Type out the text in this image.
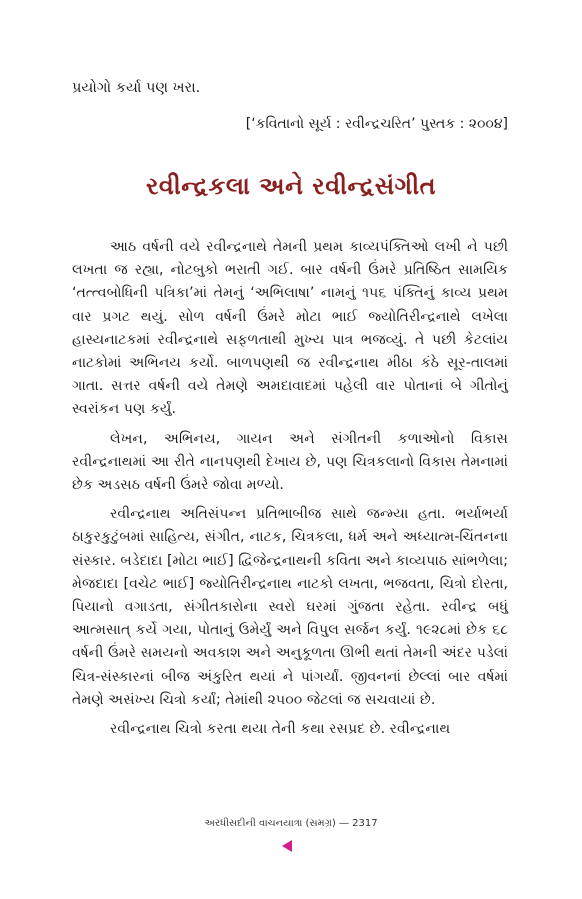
પ્રયોગો કર્યા પણ ખરા.
[‘કવિતાનો સૂર્ય : રવીન્દ્રચરિત’ પુસ્તક : ૨૦૦૪]
રવીન્દ્રકલા અને રવીન્દ્રસંગીત

આઠ વર્ષની વયે રવીન્દ્રનાથે તેમની પ્રથમ કાવ્યપંક્તિઓ લખી ને પછી લખતા જ રહ્યા, નોટબુકો ભરાતી ગઈ. બાર વર્ષની ઉંમરે પ્રતિષ્ઠિત સામયિક ‘તત્ત્વબોધિની પત્રિકા’માં તેમનું ‘અભિલાષા’ નામનું ૧૫૬ પંક્તિનું કાવ્ય પ્રથમ વાર પ્રગટ થયું. સોળ વર્ષની ઉંમરે મોટા ભાઈ જ્યોતિરીન્દ્રનાથે લખેલા હાસ્યનાટકમાં રવીન્દ્રનાથે સફળતાથી મુખ્ય પાત્ર ભજવ્યું. તે પછી કેટલાંય નાટકોમાં અભિનય કર્યો. બાળપણથી જ રવીન્દ્રનાથ મીઠા કંઠે સૂર-તાલમાં ગાતા. સત્તર વર્ષની વયે તેમણે અમદાવાદમાં પહેલી વાર પોતાનાં બે ગીતોનું સ્વરાંકન પણ કર્યું.

લેખન, અભિનય, ગાયન અને સંગીતની કળાઓનો વિકાસ રવીન્દ્રનાથમાં આ રીતે નાનપણથી દેખાય છે, પણ ચિત્રકલાનો વિકાસ તેમનામાં છેક અડસઠ વર્ષની ઉંમરે જોવા મળ્યો.

રવીન્દ્રનાથ અતિસંપન્ન પ્રતિભાબીજ સાથે જન્મ્યા હતા. ભર્યાભર્યા ઠાકુરકુટુંબમાં સાહિત્ય, સંગીત, નાટક, ચિત્રકલા, ધર્મ અને અધ્યાત્મ-ચિંતનના સંસ્કાર. બડેદાદા [મોટા ભાઈ] દ્વિજેન્દ્રનાથની કવિતા અને કાવ્યપાઠ સાંભળેલા; મેજદાદા [વચેટ ભાઈ] જ્યોતિરીન્દ્રનાથ નાટકો લખતા, ભજવતા, ચિત્રો દોરતા, પિયાનો વગાડતા, સંગીતકારોના સ્વરો ઘરમાં ગુંજતા રહેતા. રવીન્દ્ર બધું આત્મસાત્ કર્યે ગયા, પોતાનું ઉમેર્યું અને વિપુલ સર્જન કર્યું. ૧૯૨૮માં છેક ૬૮ વર્ષની ઉંમરે સમયનો અવકાશ અને અનુકૂળતા ઊભી થતાં તેમની અંદર પડેલાં ચિત્ર-સંસ્કારનાં બીજ અંકુરિત થયાં ને પાંગર્યાં. જીવનનાં છેલ્લાં બાર વર્ષમાં તેમણે અસંખ્ય ચિત્રો કર્યાં; તેમાંથી ૨૫૦૦ જેટલાં જ સચવાયાં છે.

રવીન્દ્રનાથ ચિત્રો કરતા થયા તેની કથા રસપ્રદ છે. રવીન્દ્રનાથ

અરધીસદીની વાચનયાત્રા (સમગ્ર) — 2317
